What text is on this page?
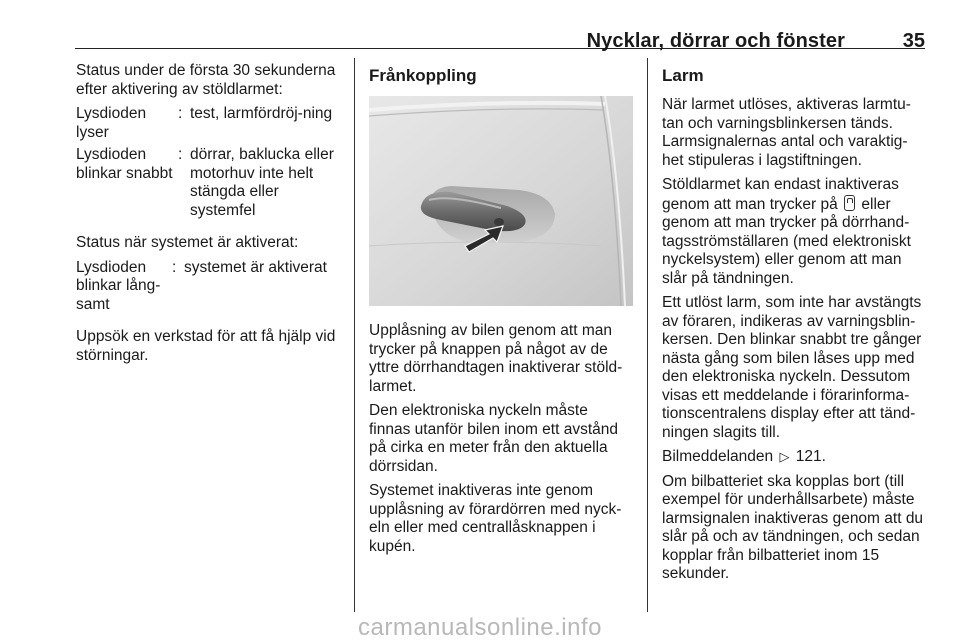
Nycklar, dörrar och fönster	35

Status under de första 30 sekunderna efter aktivering av stöldlarmet:

Lysdioden lyser
: test, larmfördröj-ning
Lysdioden blinkar snabbt
: dörrar, baklucka eller motorhuv inte helt stängda eller systemfel

Status när systemet är aktiverat:

Lysdioden blinkar lång-samt
: systemet är aktiverat

Uppsök en verkstad för att få hjälp vid störningar.

Frånkoppling

Upplåsning av bilen genom att man trycker på knappen på något av de yttre dörrhandtagen inaktiverar stöld-larmet.

Den elektroniska nyckeln måste finnas utanför bilen inom ett avstånd på cirka en meter från den aktuella dörrsidan.

Systemet inaktiveras inte genom upplåsning av förardörren med nyck-eln eller med centrallåsknappen i kupén.

Larm

När larmet utlöses, aktiveras larmtu-tan och varningsblinkersen tänds. Larmsignalernas antal och varaktig-het stipuleras i lagstiftningen.

Stöldlarmet kan endast inaktiveras genom att man trycker på eller genom att man trycker på dörrhand-tagsströmställaren (med elektroniskt nyckelsystem) eller genom att man slår på tändningen.

Ett utlöst larm, som inte har avstängts av föraren, indikeras av varningsblin-kersen. Den blinkar snabbt tre gånger nästa gång som bilen låses upp med den elektroniska nyckeln. Dessutom visas ett meddelande i förarinforma-tionscentralens display efter att tänd-ningen slagits till.

Bilmeddelanden ▷ 121.

Om bilbatteriet ska kopplas bort (till exempel för underhållsarbete) måste larmsignalen inaktiveras genom att du slår på och av tändningen, och sedan kopplar från bilbatteriet inom 15 sekunder.

carmanualsonline.info
